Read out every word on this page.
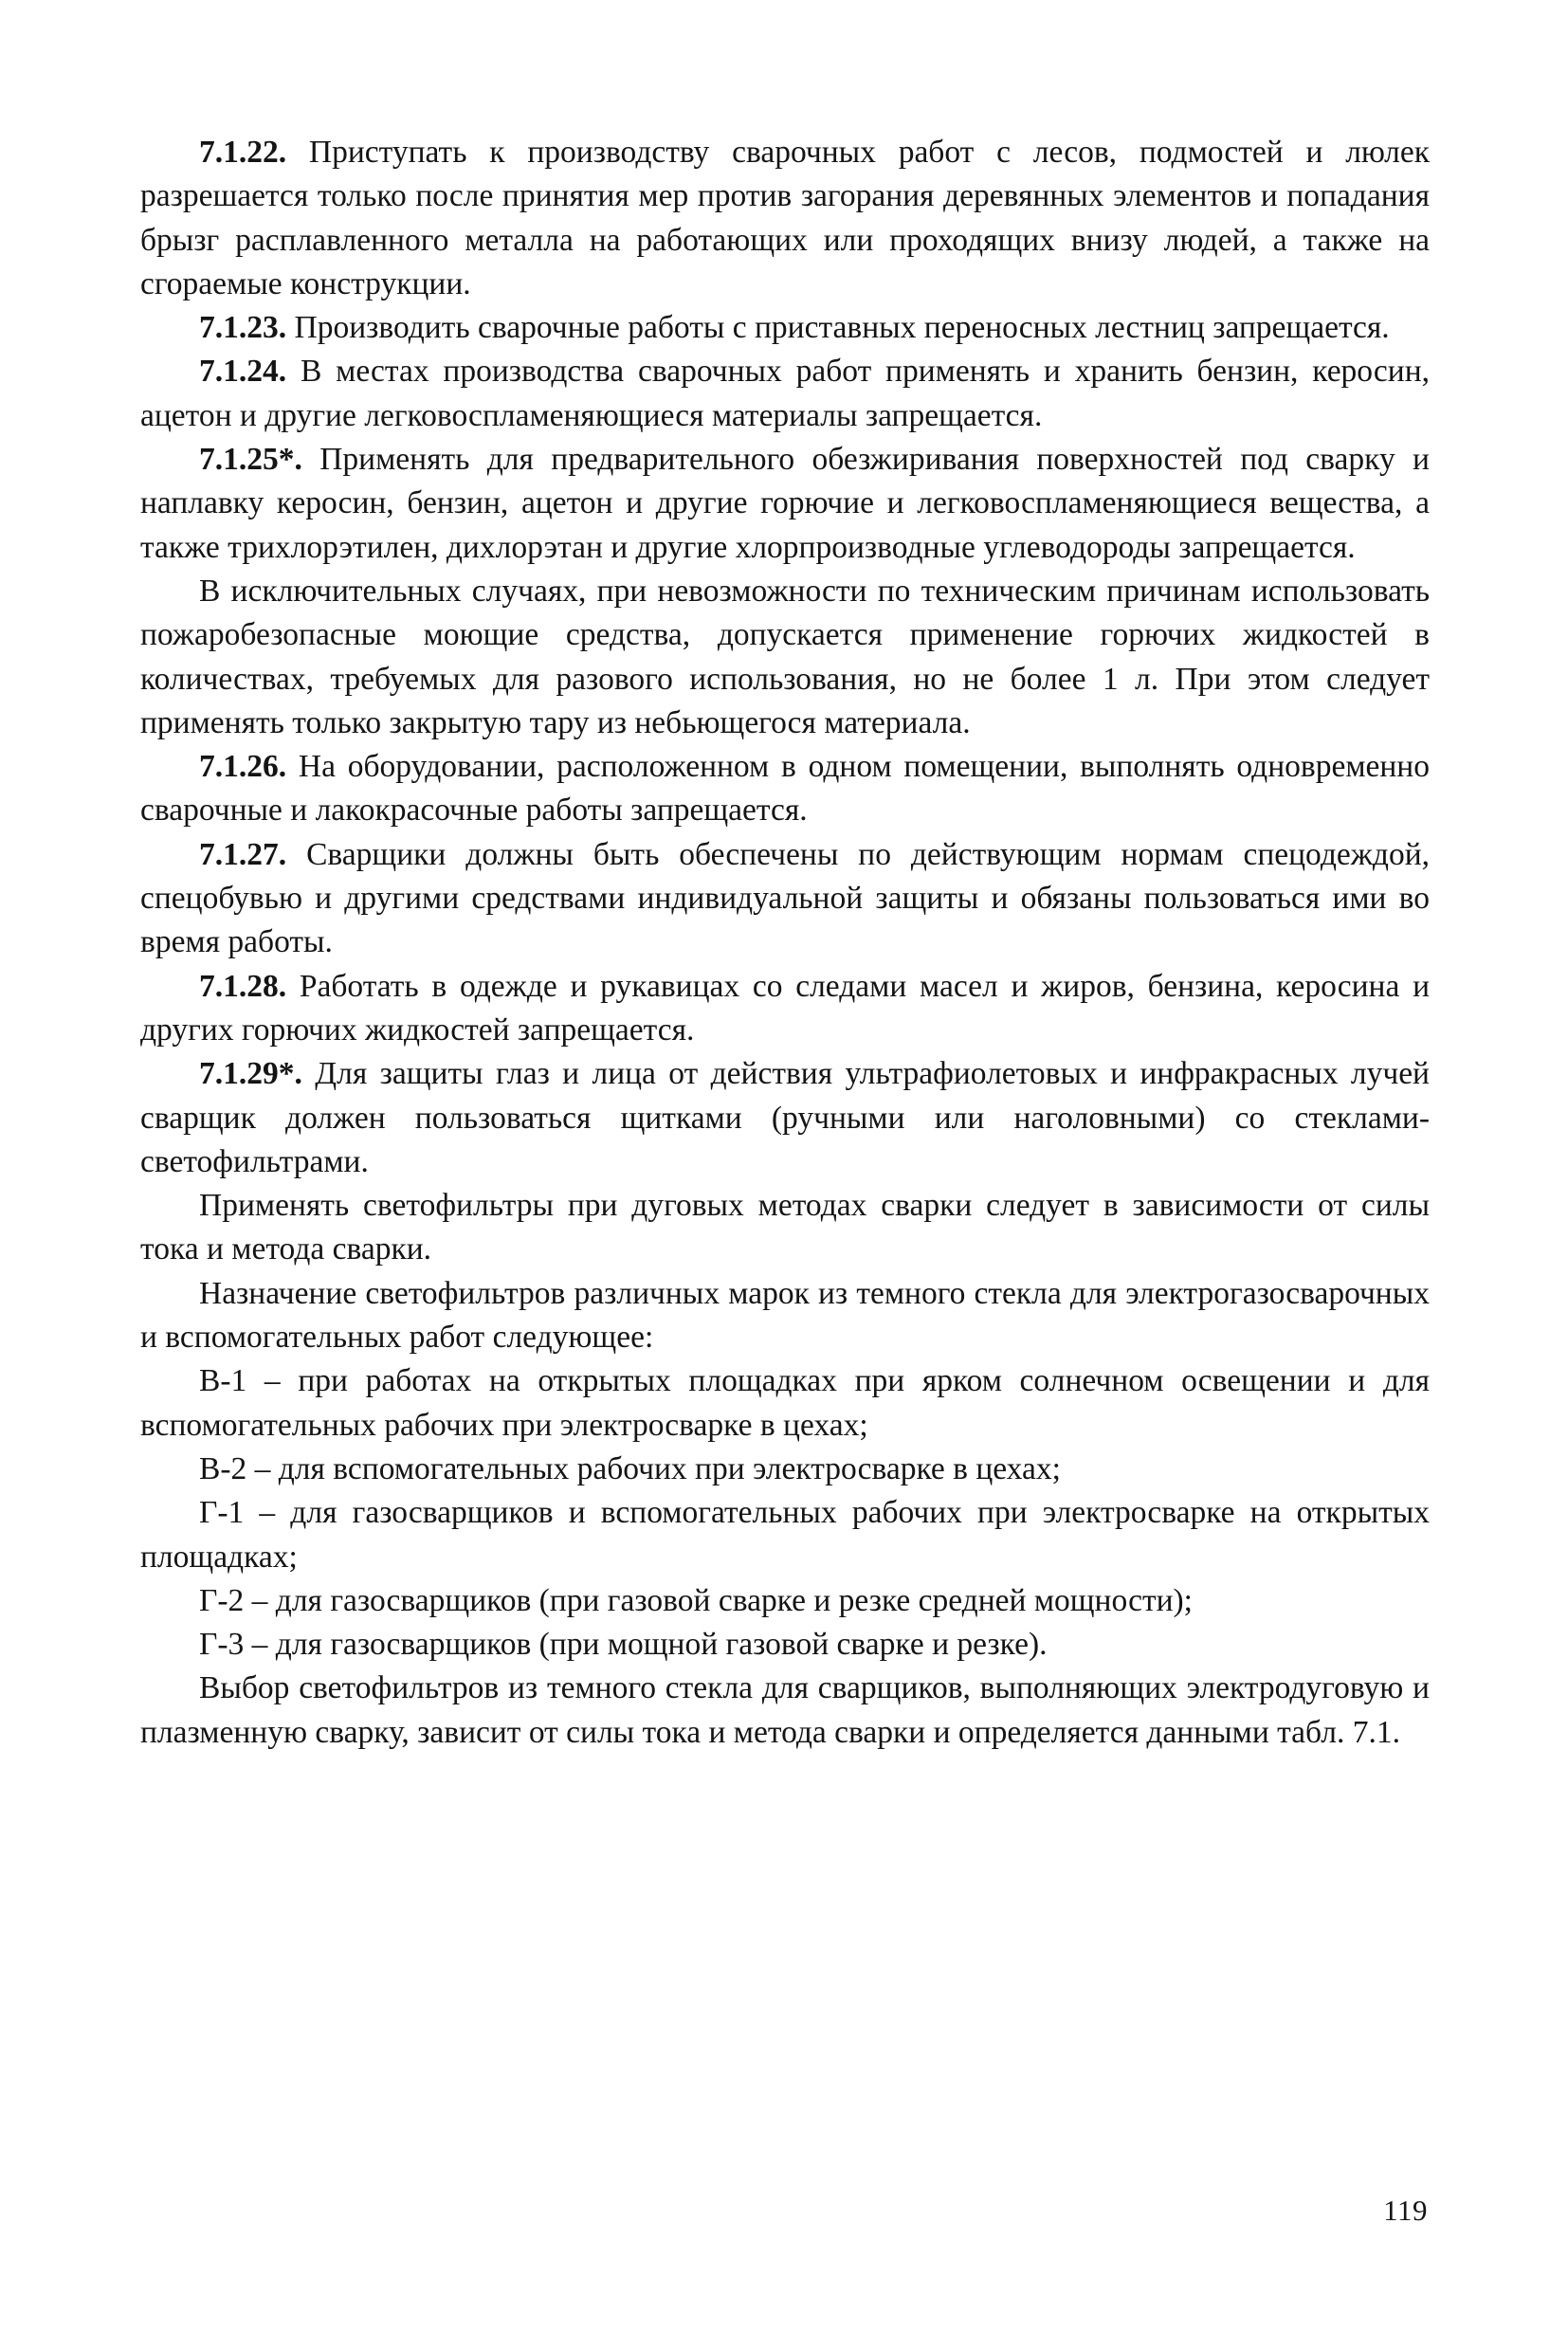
7.1.22. Приступать к производству сварочных работ с лесов, подмостей и люлек разрешается только после принятия мер против загорания деревянных элементов и попадания брызг расплавленного металла на работающих или проходящих внизу людей, а также на сгораемые конструкции.

7.1.23. Производить сварочные работы с приставных переносных лестниц запрещается.

7.1.24. В местах производства сварочных работ применять и хранить бензин, керосин, ацетон и другие легковоспламеняющиеся материалы запрещается.

7.1.25*. Применять для предварительного обезжиривания поверхностей под сварку и наплавку керосин, бензин, ацетон и другие горючие и легковоспламеняющиеся вещества, а также трихлорэтилен, дихлорэтан и другие хлорпроизводные углеводороды запрещается.

В исключительных случаях, при невозможности по техническим причинам использовать пожаробезопасные моющие средства, допускается применение горючих жидкостей в количествах, требуемых для разового использования, но не более 1 л. При этом следует применять только закрытую тару из небьющегося материала.

7.1.26. На оборудовании, расположенном в одном помещении, выполнять одновременно сварочные и лакокрасочные работы запрещается.

7.1.27. Сварщики должны быть обеспечены по действующим нормам спецодеждой, спецобувью и другими средствами индивидуальной защиты и обязаны пользоваться ими во время работы.

7.1.28. Работать в одежде и рукавицах со следами масел и жиров, бензина, керосина и других горючих жидкостей запрещается.

7.1.29*. Для защиты глаз и лица от действия ультрафиолетовых и инфракрасных лучей сварщик должен пользоваться щитками (ручными или наголовными) со стеклами-светофильтрами.

Применять светофильтры при дуговых методах сварки следует в зависимости от силы тока и метода сварки.

Назначение светофильтров различных марок из темного стекла для электрогазосварочных и вспомогательных работ следующее:

В-1 – при работах на открытых площадках при ярком солнечном освещении и для вспомогательных рабочих при электросварке в цехах;

В-2 – для вспомогательных рабочих при электросварке в цехах;

Г-1 – для газосварщиков и вспомогательных рабочих при электросварке на открытых площадках;

Г-2 – для газосварщиков (при газовой сварке и резке средней мощности);

Г-3 – для газосварщиков (при мощной газовой сварке и резке).

Выбор светофильтров из темного стекла для сварщиков, выполняющих электродуговую и плазменную сварку, зависит от силы тока и метода сварки и определяется данными табл. 7.1.

119
